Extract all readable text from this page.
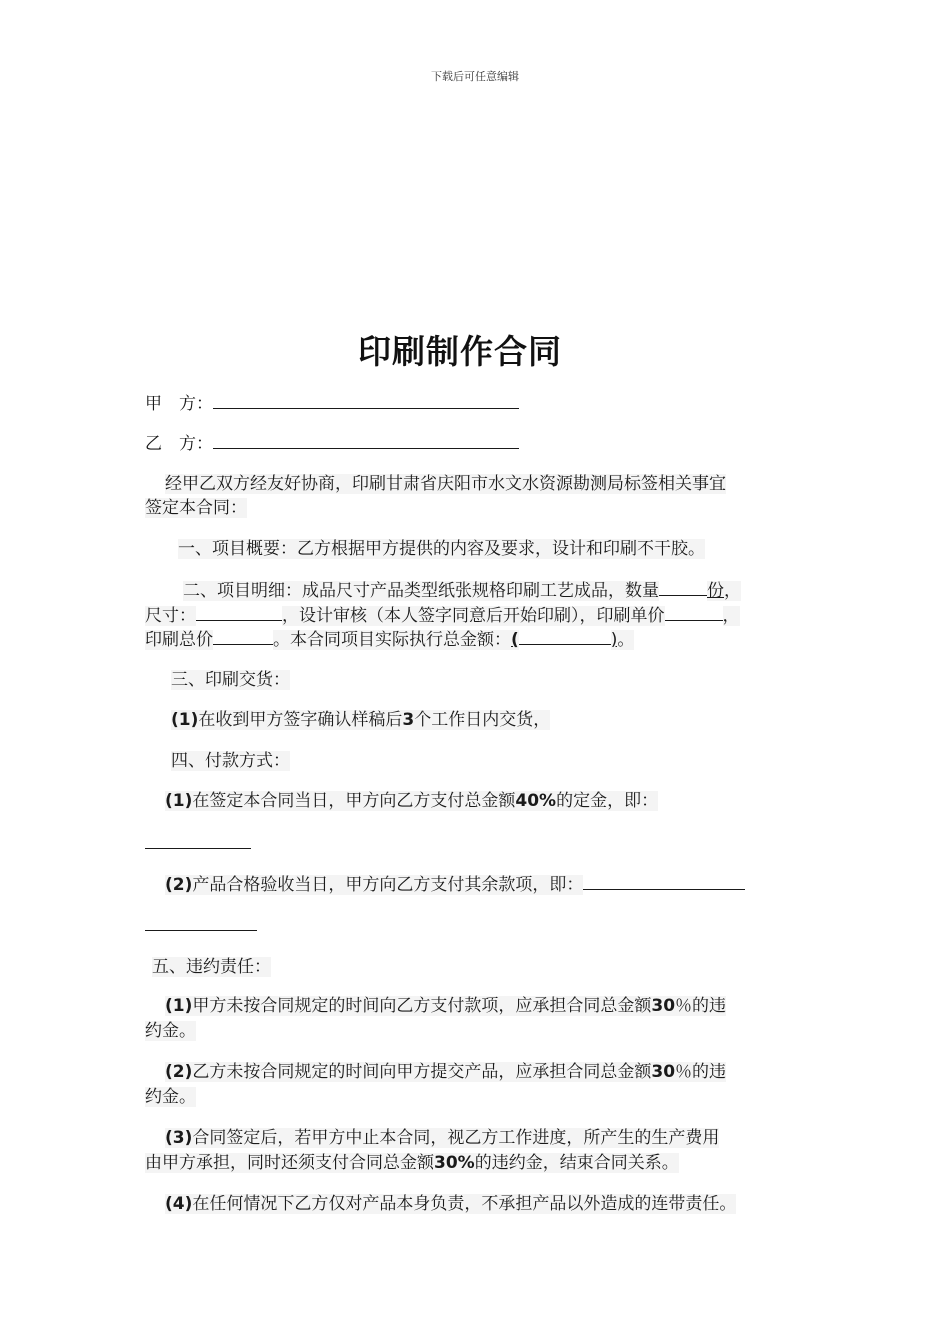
下载后可任意编辑
印刷制作合同
甲　方：
乙　方：
经甲乙双方经友好协商，印刷甘肃省庆阳市水文水资源勘测局标签相关事宜
签定本合同：
一、项目概要：乙方根据甲方提供的内容及要求，设计和印刷不干胶。
二、项目明细：成品尺寸产品类型纸张规格印刷工艺成品，数量	份，
尺寸：	，设计审核（本人签字同意后开始印刷），印刷单价	，
印刷总价	。本合同项目实际执行总金额：(	)。
三、印刷交货：
(1)在收到甲方签字确认样稿后3个工作日内交货，
四、付款方式：
(1)在签定本合同当日，甲方向乙方支付总金额40%的定金，即：
(2)产品合格验收当日，甲方向乙方支付其余款项，即：
五、违约责任：
(1)甲方未按合同规定的时间向乙方支付款项，应承担合同总金额30％的违
约金。
(2)乙方未按合同规定的时间向甲方提交产品，应承担合同总金额30％的违
约金。
(3)合同签定后，若甲方中止本合同，视乙方工作进度，所产生的生产费用
由甲方承担，同时还须支付合同总金额30%的违约金，结束合同关系。
(4)在任何情况下乙方仅对产品本身负责，不承担产品以外造成的连带责任。
